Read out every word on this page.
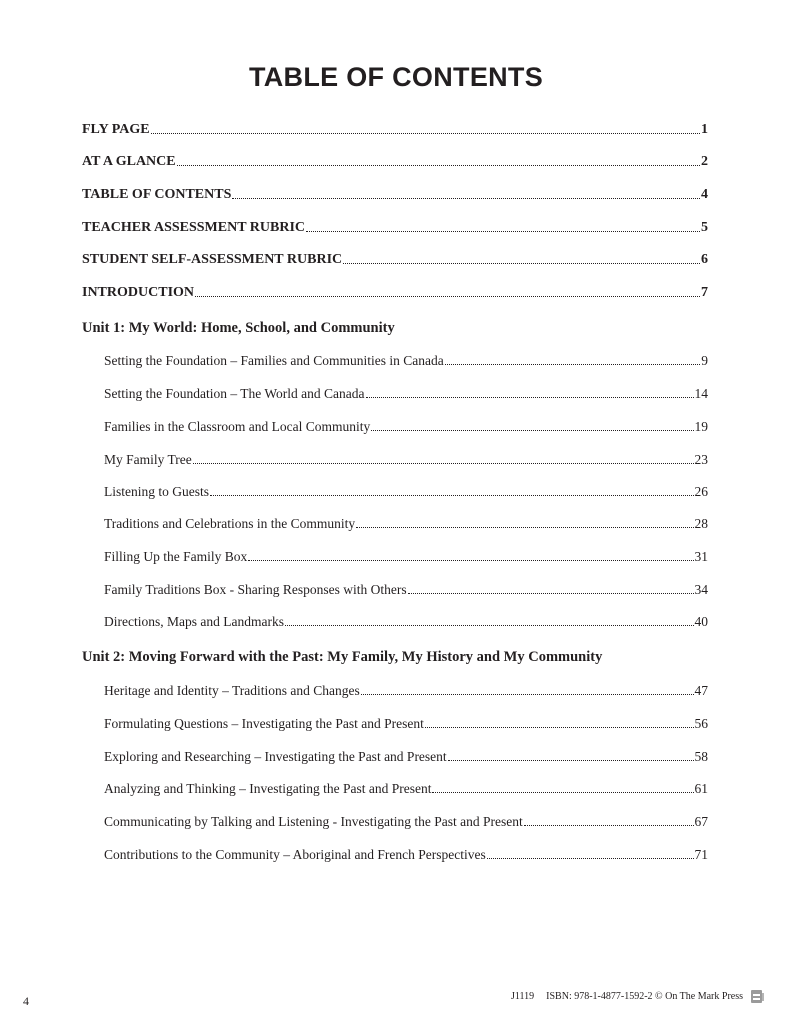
TABLE OF CONTENTS
FLY PAGE	1
AT A GLANCE	2
TABLE OF CONTENTS	4
TEACHER ASSESSMENT RUBRIC	5
STUDENT SELF-ASSESSMENT RUBRIC	6
INTRODUCTION	7
Unit 1: My World: Home, School, and Community
Setting the Foundation – Families and Communities in Canada	9
Setting the Foundation – The World and Canada	14
Families in the Classroom and Local Community	19
My Family Tree	23
Listening to Guests	26
Traditions and Celebrations in the Community	28
Filling Up the Family Box	31
Family Traditions Box - Sharing Responses with Others	34
Directions, Maps and Landmarks	40
Unit 2: Moving Forward with the Past: My Family, My History and My Community
Heritage and Identity – Traditions and Changes	47
Formulating Questions – Investigating the Past and Present	56
Exploring and Researching – Investigating the Past and Present	58
Analyzing and Thinking – Investigating the Past and Present	61
Communicating by Talking and Listening - Investigating the Past and Present	67
Contributions to the Community – Aboriginal and French Perspectives	71
4	J1119 ISBN: 978-1-4877-1592-2 © On The Mark Press
